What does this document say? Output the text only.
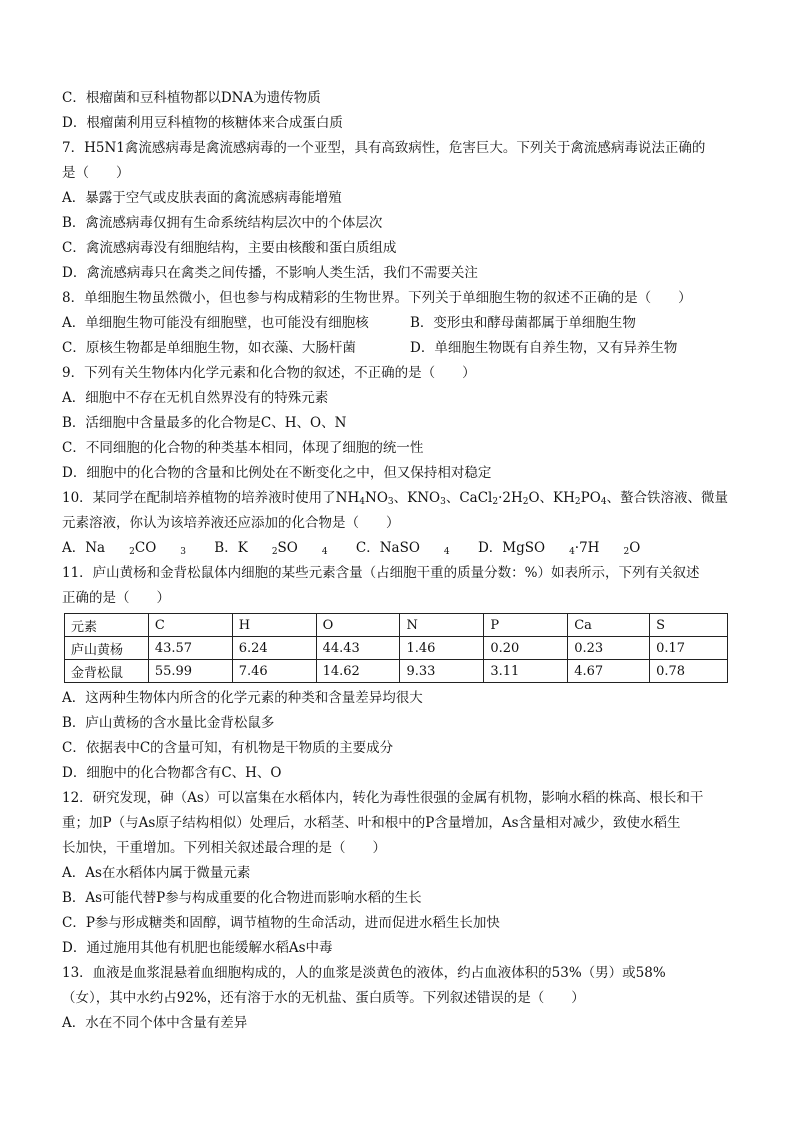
C．根瘤菌和豆科植物都以DNA为遗传物质
D．根瘤菌利用豆科植物的核糖体来合成蛋白质
7．H5N1禽流感病毒是禽流感病毒的一个亚型，具有高致病性，危害巨大。下列关于禽流感病毒说法正确的
是（　　）
A．暴露于空气或皮肤表面的禽流感病毒能增殖
B．禽流感病毒仅拥有生命系统结构层次中的个体层次
C．禽流感病毒没有细胞结构，主要由核酸和蛋白质组成
D．禽流感病毒只在禽类之间传播，不影响人类生活，我们不需要关注
8．单细胞生物虽然微小，但也参与构成精彩的生物世界。下列关于单细胞生物的叙述不正确的是（　　）
A．单细胞生物可能没有细胞壁，也可能没有细胞核	B．变形虫和酵母菌都属于单细胞生物
C．原核生物都是单细胞生物，如衣藻、大肠杆菌	D．单细胞生物既有自养生物，又有异养生物
9．下列有关生物体内化学元素和化合物的叙述，不正确的是（　　）
A．细胞中不存在无机自然界没有的特殊元素
B．活细胞中含量最多的化合物是C、H、O、N
C．不同细胞的化合物的种类基本相同，体现了细胞的统一性
D．细胞中的化合物的含量和比例处在不断变化之中，但又保持相对稳定
10．某同学在配制培养植物的培养液时使用了$NH_4NO_3$、$KNO_3$、$CaCl_2\cdot 2H_2O$、$KH_2PO_4$、螯合铁溶液、微量
元素溶液，你认为该培养液还应添加的化合物是（　　）
A．Na	$_2$CO	$_3$ B．K	$_2$SO	$_4$ C．NaSO	$_4$ D．MgSO	$_4$·7H	$_2$O
11．庐山黄杨和金背松鼠体内细胞的某些元素含量（占细胞干重的质量分数：%）如表所示，下列有关叙述
正确的是（　　）
元素	C	H	O	N	P	Ca	S
庐山黄杨	43.57	6.24	44.43	1.46	0.20	0.23	0.17
金背松鼠	55.99	7.46	14.62	9.33	3.11	4.67	0.78
A．这两种生物体内所含的化学元素的种类和含量差异均很大
B．庐山黄杨的含水量比金背松鼠多
C．依据表中C的含量可知，有机物是干物质的主要成分
D．细胞中的化合物都含有C、H、O
12．研究发现，砷（As）可以富集在水稻体内，转化为毒性很强的金属有机物，影响水稻的株高、根长和干
重；加P（与As原子结构相似）处理后，水稻茎、叶和根中的P含量增加，As含量相对减少，致使水稻生
长加快，干重增加。下列相关叙述最合理的是（　　）
A．As在水稻体内属于微量元素
B．As可能代替P参与构成重要的化合物进而影响水稻的生长
C．P参与形成糖类和固醇，调节植物的生命活动，进而促进水稻生长加快
D．通过施用其他有机肥也能缓解水稻As中毒
13．血液是血浆混悬着血细胞构成的，人的血浆是淡黄色的液体，约占血液体积的53%（男）或58%
（女），其中水约占92%，还有溶于水的无机盐、蛋白质等。下列叙述错误的是（　　）
A．水在不同个体中含量有差异
